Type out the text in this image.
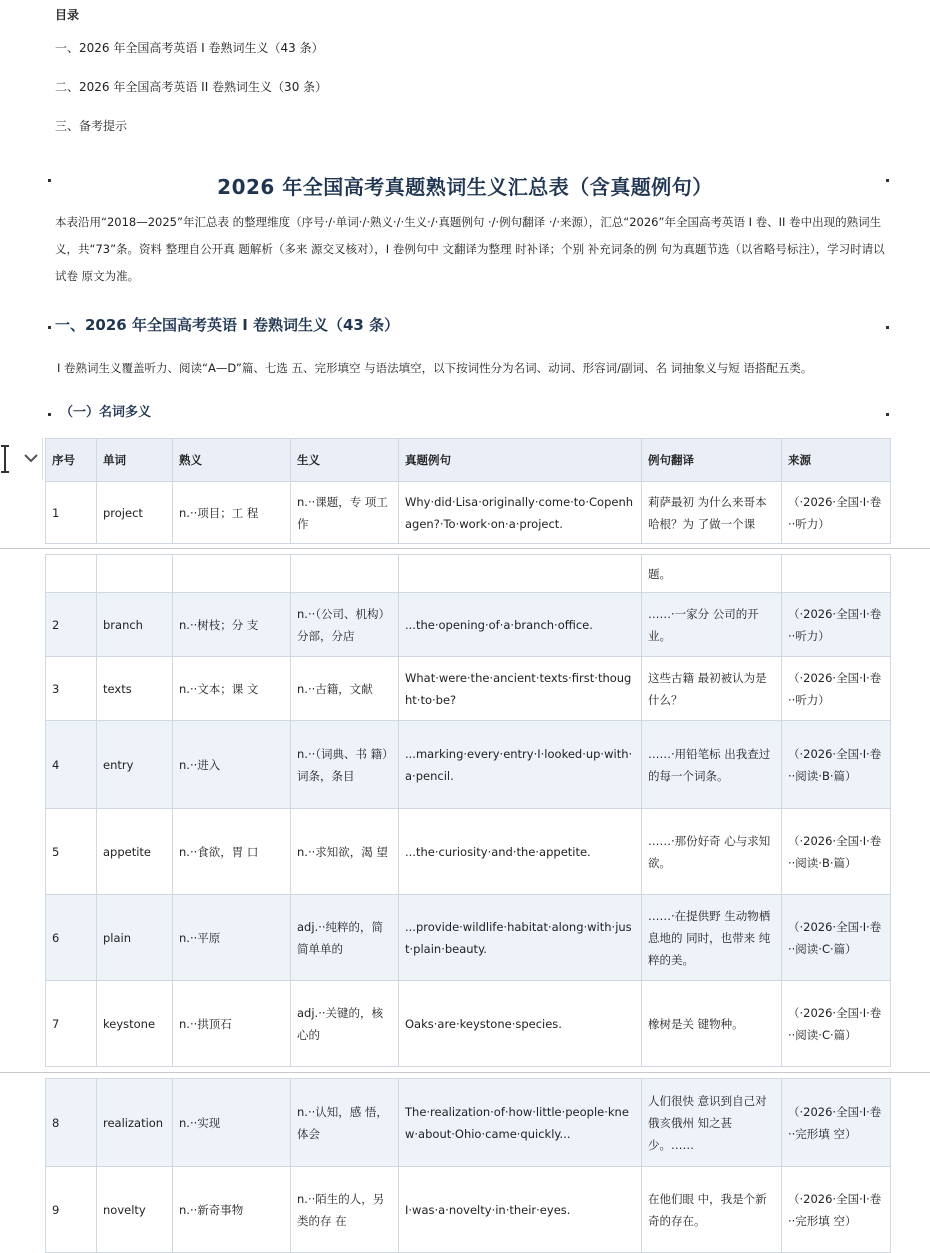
目录
一、2026 年全国高考英语 I 卷熟词生义（43 条）
二、2026 年全国高考英语 II 卷熟词生义（30 条）
三、备考提示
2026 年全国高考真题熟词生义汇总表（含真题例句）
本表沿用“2018—2025”年汇总表 的整理维度（序号·/·单词·/·熟义·/·生义·/·真题例句 ·/·例句翻译 ·/·来源），汇总“2026”年全国高考英语 I 卷、II 卷中出现的熟词生义，共“73”条。资料 整理自公开真 题解析（多来 源交叉核对），I 卷例句中 文翻译为整理 时补译；个别 补充词条的例 句为真题节选（以省略号标注），学习时请以试卷 原文为准。
一、2026 年全国高考英语 I 卷熟词生义（43 条）
I 卷熟词生义覆盖听力、阅读“A—D”篇、七选 五、完形填空 与语法填空，以下按词性分为名词、动词、形容词/副词、名 词抽象义与短 语搭配五类。
（一）名词多义
序号	单词	熟义	生义	真题例句	例句翻译	来源
1	project	n.··项目；工 程	n.··课题，专 项工作	Why·did·Lisa·originally·come·to·Copenhagen?·To·work·on·a·project.	莉萨最初 为什么来哥本哈根？为 了做一个课	（·2026·全国·I·卷··听力）
					题。	
2	branch	n.··树枝；分 支	n.··（公司、机构）分部，分店	...the·opening·of·a·branch·office.	……·一家分 公司的开业。	（·2026·全国·I·卷··听力）
3	texts	n.··文本；课 文	n.··古籍，文献	What·were·the·ancient·texts·first·thought·to·be?	这些古籍 最初被认为是 什么？	（·2026·全国·I·卷··听力）
4	entry	n.··进入	n.··（词典、书 籍）词条，条目	...marking·every·entry·I·looked·up·with·a·pencil.	……·用铅笔标 出我查过的每一个词条。	（·2026·全国·I·卷··阅读·B·篇）
5	appetite	n.··食欲，胃 口	n.··求知欲，渴 望	...the·curiosity·and·the·appetite.	……·那份好奇 心与求知欲。	（·2026·全国·I·卷··阅读·B·篇）
6	plain	n.··平原	adj.··纯粹的，简 简单单的	...provide·wildlife·habitat·along·with·just·plain·beauty.	……·在提供野 生动物栖息地的 同时，也带来 纯粹的美。	（·2026·全国·I·卷··阅读·C·篇）
7	keystone	n.··拱顶石	adj.··关键的，核 心的	Oaks·are·keystone·species.	橡树是关 键物种。	（·2026·全国·I·卷··阅读·C·篇）
8	realization	n.··实现	n.··认知，感 悟，体会	The·realization·of·how·little·people·knew·about·Ohio·came·quickly...	人们很快 意识到自己对 俄亥俄州 知之甚少。……	（·2026·全国·I·卷··完形填 空）
9	novelty	n.··新奇事物	n.··陌生的人，另类的存 在	I·was·a·novelty·in·their·eyes.	在他们眼 中，我是个新 奇的存在。	（·2026·全国·I·卷··完形填 空）
